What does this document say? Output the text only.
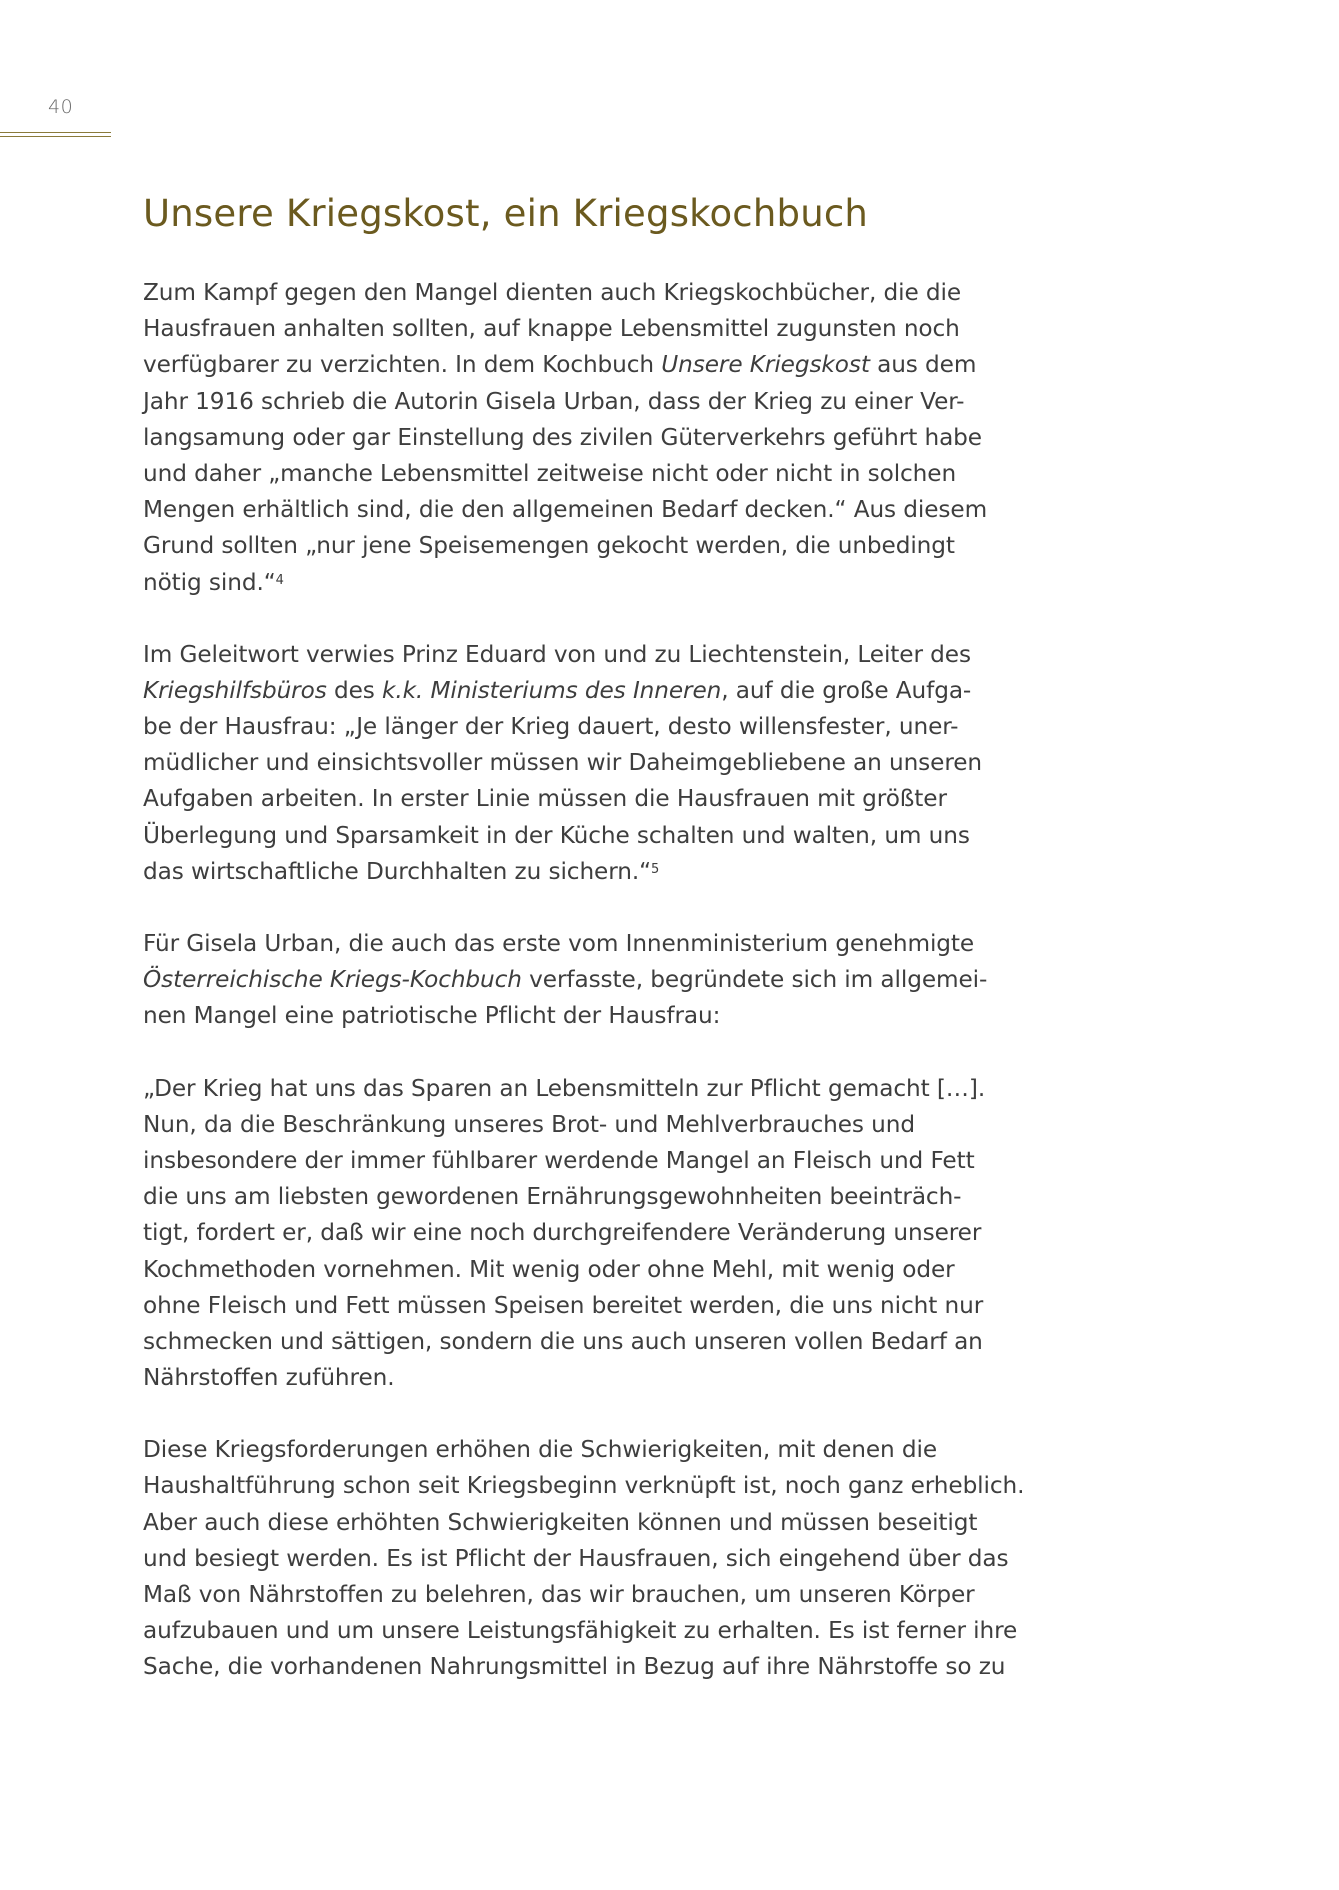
40
Unsere Kriegskost, ein Kriegskochbuch

Zum Kampf gegen den Mangel dienten auch Kriegskochbücher, die die
Hausfrauen anhalten sollten, auf knappe Lebensmittel zugunsten noch
verfügbarer zu verzichten. In dem Kochbuch Unsere Kriegskost aus dem
Jahr 1916 schrieb die Autorin Gisela Urban, dass der Krieg zu einer Ver-
langsamung oder gar Einstellung des zivilen Güterverkehrs geführt habe
und daher „manche Lebensmittel zeitweise nicht oder nicht in solchen
Mengen erhältlich sind, die den allgemeinen Bedarf decken.“ Aus diesem
Grund sollten „nur jene Speisemengen gekocht werden, die unbedingt
nötig sind.“$^4$

Im Geleitwort verwies Prinz Eduard von und zu Liechtenstein, Leiter des
Kriegshilfsbüros des k.k. Ministeriums des Inneren, auf die große Aufga-
be der Hausfrau: „Je länger der Krieg dauert, desto willensfester, uner-
müdlicher und einsichtsvoller müssen wir Daheimgebliebene an unseren
Aufgaben arbeiten. In erster Linie müssen die Hausfrauen mit größter
Überlegung und Sparsamkeit in der Küche schalten und walten, um uns
das wirtschaftliche Durchhalten zu sichern.“$^5$

Für Gisela Urban, die auch das erste vom Innenministerium genehmigte
Österreichische Kriegs-Kochbuch verfasste, begründete sich im allgemei-
nen Mangel eine patriotische Pflicht der Hausfrau:

„Der Krieg hat uns das Sparen an Lebensmitteln zur Pflicht gemacht […].
Nun, da die Beschränkung unseres Brot- und Mehlverbrauches und
insbesondere der immer fühlbarer werdende Mangel an Fleisch und Fett
die uns am liebsten gewordenen Ernährungsgewohnheiten beeinträch-
tigt, fordert er, daß wir eine noch durchgreifendere Veränderung unserer
Kochmethoden vornehmen. Mit wenig oder ohne Mehl, mit wenig oder
ohne Fleisch und Fett müssen Speisen bereitet werden, die uns nicht nur
schmecken und sättigen, sondern die uns auch unseren vollen Bedarf an
Nährstoffen zuführen.

Diese Kriegsforderungen erhöhen die Schwierigkeiten, mit denen die
Haushaltführung schon seit Kriegsbeginn verknüpft ist, noch ganz erheblich.
Aber auch diese erhöhten Schwierigkeiten können und müssen beseitigt
und besiegt werden. Es ist Pflicht der Hausfrauen, sich eingehend über das
Maß von Nährstoffen zu belehren, das wir brauchen, um unseren Körper
aufzubauen und um unsere Leistungsfähigkeit zu erhalten. Es ist ferner ihre
Sache, die vorhandenen Nahrungsmittel in Bezug auf ihre Nährstoffe so zu
